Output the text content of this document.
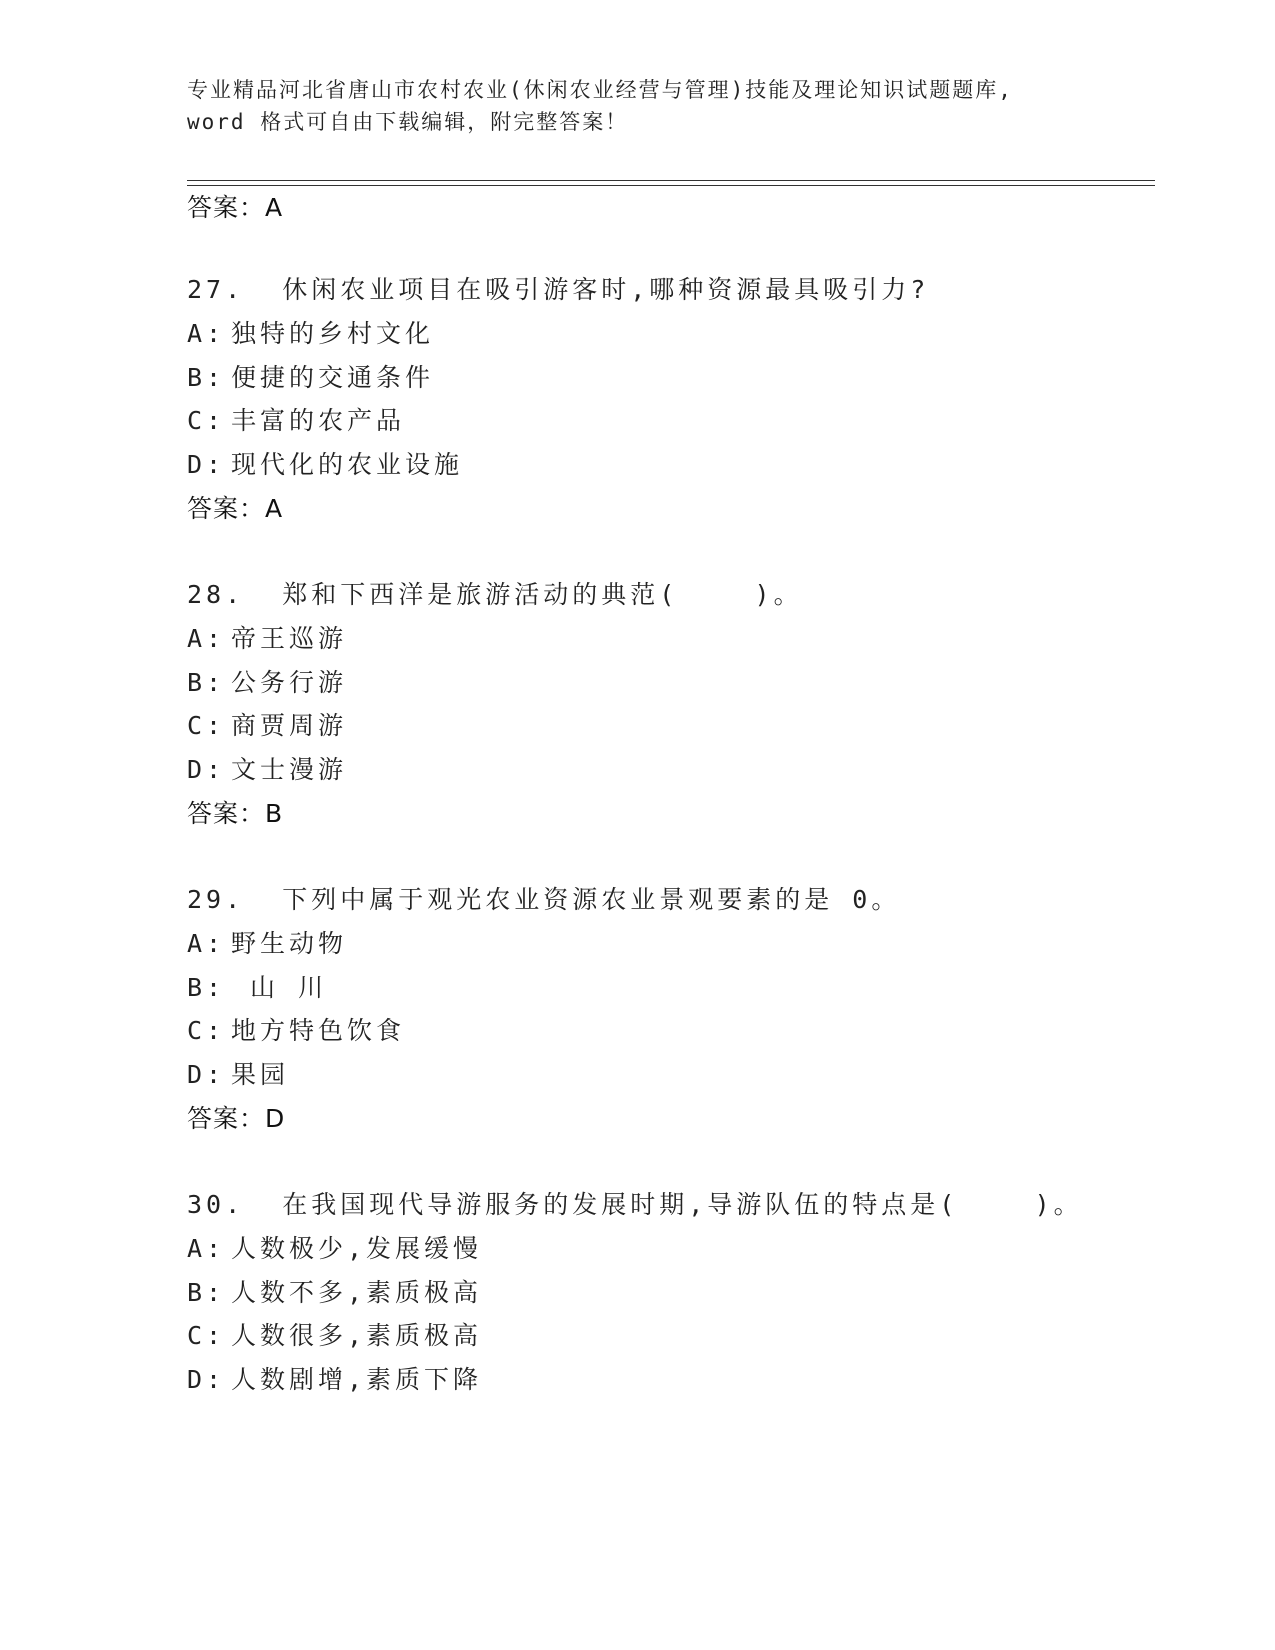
专业精品河北省唐山市农村农业(休闲农业经营与管理)技能及理论知识试题题库,
word 格式可自由下载编辑，附完整答案！
答案：A
27.  休闲农业项目在吸引游客时,哪种资源最具吸引力?
A: 独特的乡村文化
B: 便捷的交通条件
C: 丰富的农产品
D: 现代化的农业设施
答案：A
28.  郑和下西洋是旅游活动的典范(    )。
A: 帝王巡游
B: 公务行游
C: 商贾周游
D: 文士漫游
答案：B
29.  下列中属于观光农业资源农业景观要素的是 0。
A: 野生动物
B: 山 川
C: 地方特色饮食
D: 果园
答案：D
30.  在我国现代导游服务的发展时期,导游队伍的特点是(    )。
A: 人数极少,发展缓慢
B: 人数不多,素质极高
C: 人数很多,素质极高
D: 人数剧增,素质下降
